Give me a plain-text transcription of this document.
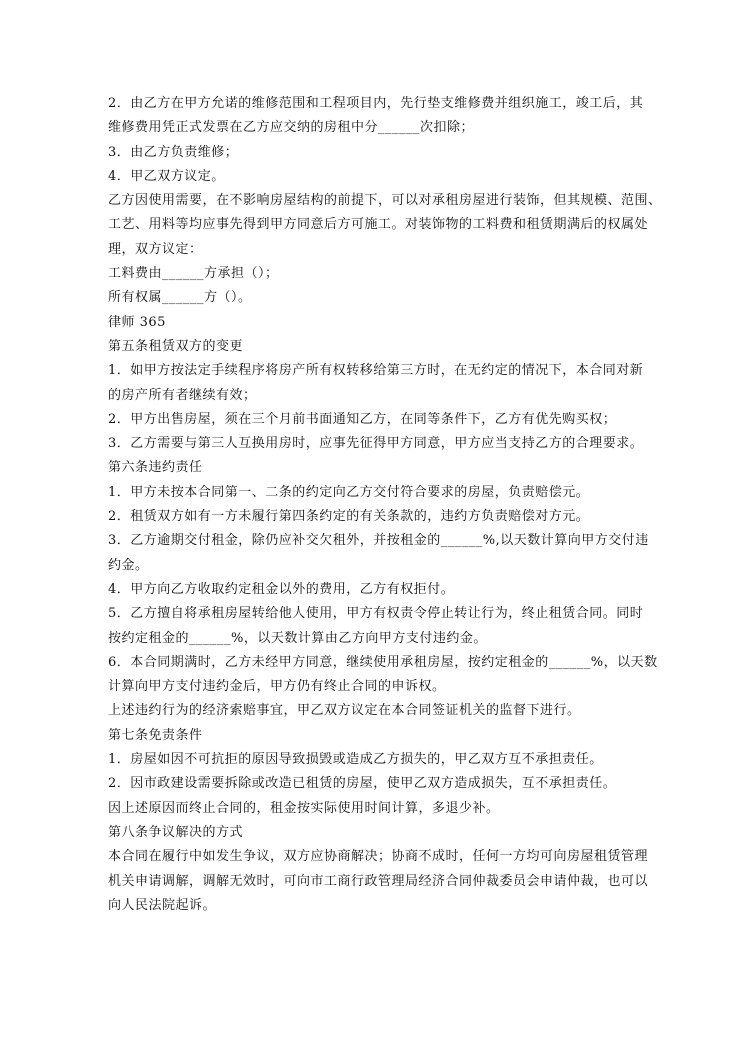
2．由乙方在甲方允诺的维修范围和工程项目内，先行垫支维修费并组织施工，竣工后，其
维修费用凭正式发票在乙方应交纳的房租中分______次扣除；
3．由乙方负责维修；
4．甲乙双方议定。
乙方因使用需要，在不影响房屋结构的前提下，可以对承租房屋进行装饰，但其规模、范围、
工艺、用料等均应事先得到甲方同意后方可施工。对装饰物的工料费和租赁期满后的权属处
理，双方议定：
工料费由______方承担（）；
所有权属______方（）。
律师 365
第五条租赁双方的变更
1．如甲方按法定手续程序将房产所有权转移给第三方时，在无约定的情况下，本合同对新
的房产所有者继续有效；
2．甲方出售房屋，须在三个月前书面通知乙方，在同等条件下，乙方有优先购买权；
3．乙方需要与第三人互换用房时，应事先征得甲方同意，甲方应当支持乙方的合理要求。
第六条违约责任
1．甲方未按本合同第一、二条的约定向乙方交付符合要求的房屋，负责赔偿元。
2．租赁双方如有一方未履行第四条约定的有关条款的，违约方负责赔偿对方元。
3．乙方逾期交付租金，除仍应补交欠租外，并按租金的______%,以天数计算向甲方交付违
约金。
4．甲方向乙方收取约定租金以外的费用，乙方有权拒付。
5．乙方擅自将承租房屋转给他人使用，甲方有权责令停止转让行为，终止租赁合同。同时
按约定租金的______%，以天数计算由乙方向甲方支付违约金。
6．本合同期满时，乙方未经甲方同意，继续使用承租房屋，按约定租金的______%，以天数
计算向甲方支付违约金后，甲方仍有终止合同的申诉权。
上述违约行为的经济索赔事宜，甲乙双方议定在本合同签证机关的监督下进行。
第七条免责条件
1．房屋如因不可抗拒的原因导致损毁或造成乙方损失的，甲乙双方互不承担责任。
2．因市政建设需要拆除或改造已租赁的房屋，使甲乙双方造成损失，互不承担责任。
因上述原因而终止合同的，租金按实际使用时间计算，多退少补。
第八条争议解决的方式
本合同在履行中如发生争议，双方应协商解决；协商不成时，任何一方均可向房屋租赁管理
机关申请调解，调解无效时，可向市工商行政管理局经济合同仲裁委员会申请仲裁，也可以
向人民法院起诉。
